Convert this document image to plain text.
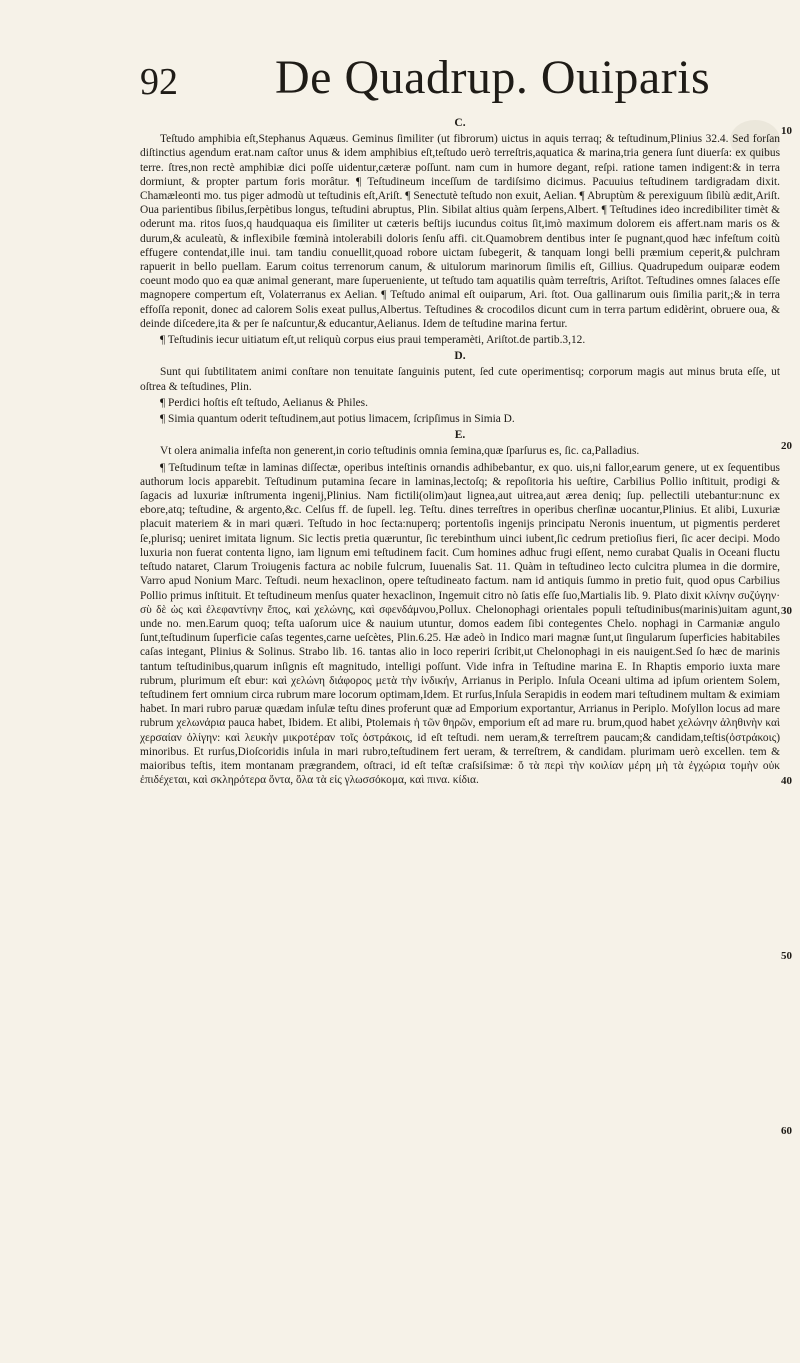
92 De Quadrup. Ouiparis
C.

Teſtudo amphibia eſt,Stephanus Aquæus. Geminus ſimiliter (ut fibrorum) uictus in aquis terraq; & teſtudinum,Plinius 32.4. Sed forſan diſtinctius agendum erat.nam caſtor unus & idem amphibius eſt,teſtudo uerò terreſtris,aquatica & marina,tria genera ſunt diuerſa: ex quibus terre. ſtres,non rectè amphibiæ dici poſſe uidentur,cæteræ poſſunt. nam cum in humore degant, reſpi. ratione tamen indigent:& in terra dormiunt, & propter partum foris morâtur. ¶ Teſtudineum inceſſum de tardiſsimo dicimus. Pacuuius teſtudinem tardigradam dixit. Chamæleonti mo. tus piger admodù ut teſtudinis eſt,Ariſt. ¶ Senectutè teſtudo non exuit, Aelian. ¶ Abruptùm & perexiguum ſibilù ædit,Ariſt. Oua parientibus ſibilus,ſerpètibus longus, teſtudini abruptus, Plin. Sibilat altius quàm ſerpens,Albert. ¶ Teſtudines ideo incredibiliter timèt & oderunt ma. ritos ſuos,q haudquaqua eis ſimiliter ut cæteris beſtijs iucundus coitus ſit,imò maximum dolorem eis affert.nam maris os & durum,& aculeatù, & inflexibile fœminà intolerabili doloris ſenſu affi. cit.Quamobrem dentibus inter ſe pugnant,quod hæc infeſtum coitù effugere contendat,ille inui. tam tandiu conuellit,quoad robore uictam ſubegerit, & tanquam longi belli præmium ceperit,& pulchram rapuerit in bello puellam. Earum coitus terrenorum canum, & uitulorum marinorum ſimilis eſt, Gillius. Quadrupedum ouiparæ eodem coeunt modo quo ea quæ animal generant, mare ſuperueniente, ut teſtudo tam aquatilis quàm terreſtris, Ariſtot. Teſtudines omnes ſalaces eſſe magnopere compertum eſt, Volaterranus ex Aelian. ¶ Teſtudo animal eſt ouiparum, Ari. ſtot. Oua gallinarum ouis ſimilia parit,;& in terra effoſſa reponit, donec ad calorem Solis exeat pullus,Albertus. Teſtudines & crocodilos dicunt cum in terra partum edidèrint, obruere oua, & deinde diſcedere,ita & per ſe naſcuntur,& educantur,Aelianus. Idem de teſtudine marina fertur.

¶ Teſtudinis iecur uitiatum eſt,ut reliquù corpus eius praui temperamèti, Ariſtot.de partib.3,12.

D.

Sunt qui ſubtilitatem animi conſtare non tenuitate ſanguinis putent, ſed cute operimentisq; corporum magis aut minus bruta eſſe, ut oſtrea & teſtudines, Plin.

¶ Perdici hoſtis eſt teſtudo, Aelianus & Philes.

¶ Simia quantum oderit teſtudinem,aut potius limacem, ſcripſimus in Simia D.

E.

Vt olera animalia infeſta non generent,in corio teſtudinis omnia ſemina,quæ ſparſurus es, ſic. ca,Palladius.

¶ Teſtudinum teſtæ in laminas diſſectæ, operibus inteſtinis ornandis adhibebantur, ex quo. uis,ni fallor,earum genere, ut ex ſequentibus authorum locis apparebit. Teſtudinum putamina ſecare in laminas,lectoſq; & repoſitoria his ueſtire, Carbilius Pollio inſtituit, prodigi & ſagacis ad luxuriæ inſtrumenta ingenij,Plinius. Nam fictili(olim)aut lignea,aut uitrea,aut ærea deniq; ſup. pellectili utebantur:nunc ex ebore,atq; teſtudine, & argento,&c. Celſus ff. de ſupell. leg. Teſtu. dines terreſtres in operibus cherſinæ uocantur,Plinius. Et alibi, Luxuriæ placuit materiem & in mari quæri. Teſtudo in hoc ſecta:nuperq; portentoſis ingenijs principatu Neronis inuentum, ut pigmentis perderet ſe,plurisq; ueniret imitata lignum. Sic lectis pretia quæruntur, ſic terebinthum uinci iubent,ſic cedrum pretioſius fieri, ſic acer decipi. Modo luxuria non fuerat contenta ligno, iam lignum emi teſtudinem facit. Cum homines adhuc frugi eſſent, nemo curabat Qualis in Oceani fluctu teſtudo nataret, Clarum Troiugenis factura ac nobile fulcrum, Iuuenalis Sat. 11. Quàm in teſtudineo lecto culcitra plumea in die dormire, Varro apud Nonium Marc. Teſtudi. neum hexaclinon, opere teſtudineato factum. nam id antiquis ſummo in pretio fuit, quod opus Carbilius Pollio primus inſtituit. Et teſtudineum menſus quater hexaclinon, Ingemuit citro nò ſatis eſſe ſuo,Martialis lib. 9. Plato dixit κλίνην συζύγην· σὺ δὲ ὡς καὶ ἐλεφαντίνην ἔπος, καὶ χελώνης, καὶ σφενδάμνου,Pollux. Chelonophagi orientales populi teſtudinibus(marinis)uitam agunt, unde no. men.Earum quoq; teſta uaſorum uice & nauium utuntur, domos eadem ſibi contegentes Chelo. nophagi in Carmaniæ angulo ſunt,teſtudinum ſuperficie caſas tegentes,carne ueſcètes, Plin.6.25. Hæ adeò in Indico mari magnæ ſunt,ut ſingularum ſuperficies habitabiles caſas integant, Plinius & Solinus. Strabo lib. 16. tantas alio in loco reperiri ſcribit,ut Chelonophagi in eis nauigent.Sed ſo hæc de marinis tantum teſtudinibus,quarum inſignis eſt magnitudo, intelligi poſſunt. Vide infra in Teſtudine marina E. In Rhaptis emporio iuxta mare rubrum, plurimum eſt ebur: καὶ χελώνη διάφορος μετὰ τὴν ἰνδικήν, Arrianus in Periplo. Inſula Oceani ultima ad ipſum orientem Solem, teſtudinem fert omnium circa rubrum mare locorum optimam,Idem. Et rurſus,Inſula Serapidis in eodem mari teſtudinem multam & eximiam habet. In mari rubro paruæ quædam inſulæ teſtu dines proferunt quæ ad Emporium exportantur, Arrianus in Periplo. Moſyllon locus ad mare rubrum χελωνάρια pauca habet, Ibidem. Et alibi, Ptolemais ἡ τῶν θηρῶν, emporium eſt ad mare ru. brum,quod habet χελώνην ἀληθινὴν καὶ χερσαίαν ὀλίγην: καὶ λευκὴν μικροτέραν τοῖς ὀστράκοις, id eſt teſtudi. nem ueram,& terreſtrem paucam;& candidam,teſtis(ὀστράκοις) minoribus. Et rurſus,Dioſcoridis inſula in mari rubro,teſtudinem fert ueram, & terreſtrem, & candidam. plurimam uerò excellen. tem & maioribus teſtis, item montanam prægrandem, oſtraci, id eſt teſtæ craſsiſsimæ: ὅ τὰ περὶ τὴν κοιλίαν μέρη μὴ τὰ ἐγχώρια τομὴν οὐκ ἐπιδέχεται, καὶ σκληρότερα ὄντα, ὅλα τὰ εἰς γλωσσόκομα, καὶ πινα. κίδια.

10
20
30
40
50
60
